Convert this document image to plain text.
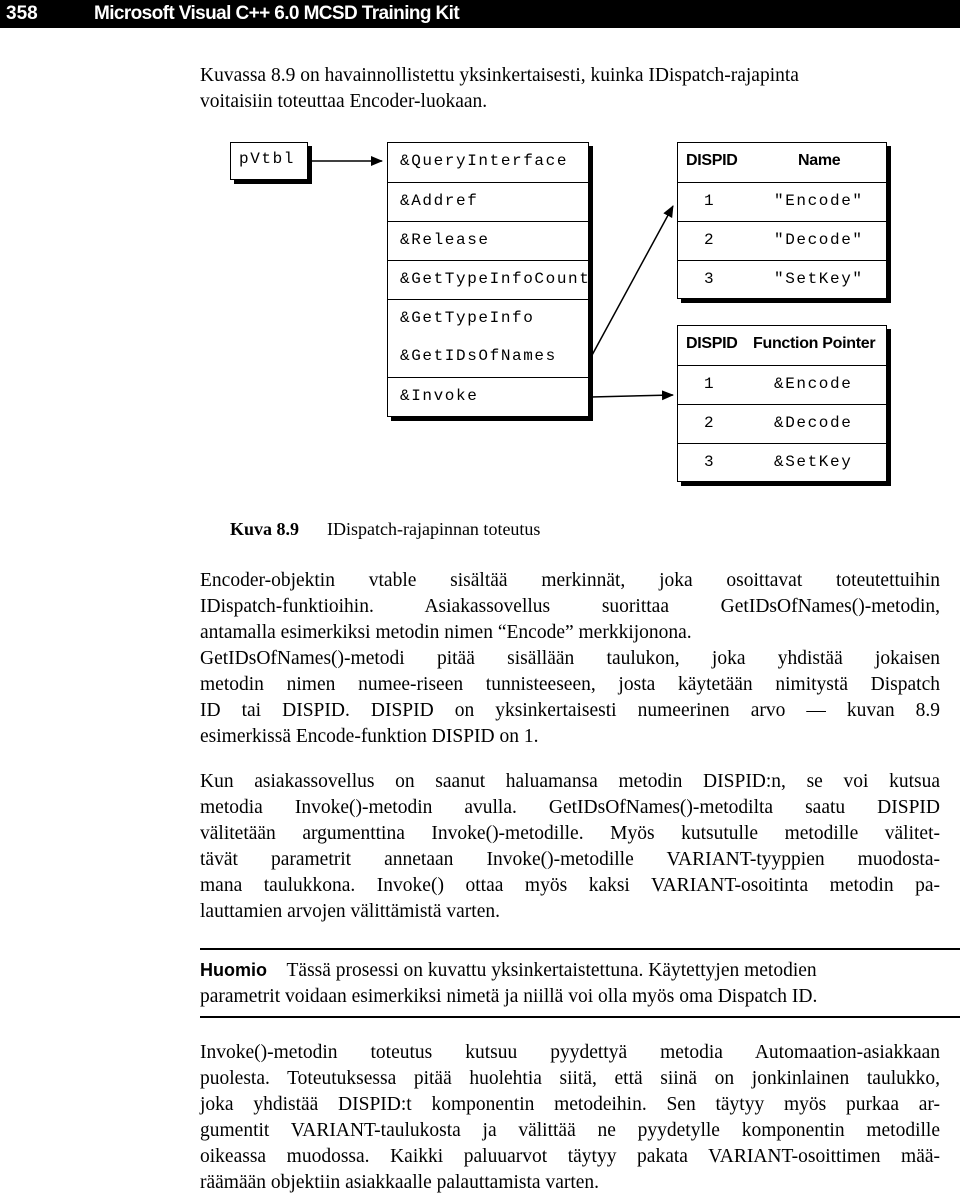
358	Microsoft Visual C++ 6.0 MCSD Training Kit
Kuvassa 8.9 on havainnollistettu yksinkertaisesti, kuinka IDispatch-rajapinta
voitaisiin toteuttaa Encoder-luokaan.
pVtbl	&QueryInterface
&Addref
&Release
&GetTypeInfoCount
&GetTypeInfo
&GetIDsOfNames
&Invoke
DISPID	Name
1	"Encode"
2	"Decode"
3	"SetKey"
DISPID Function Pointer
1	&Encode
2	&Decode
3	&SetKey
Kuva 8.9 IDispatch-rajapinnan toteutus
Encoder-objektin vtable sisältää merkinnät, joka osoittavat toteutettuihin
IDispatch-funktioihin. Asiakassovellus suorittaa GetIDsOfNames()-metodin,
antamalla esimerkiksi metodin nimen “Encode” merkkijonona.
GetIDsOfNames()-metodi pitää sisällään taulukon, joka yhdistää jokaisen
metodin nimen numee-riseen tunnisteeseen, josta käytetään nimitystä Dispatch
ID tai DISPID. DISPID on yksinkertaisesti numeerinen arvo — kuvan 8.9
esimerkissä Encode-funktion DISPID on 1.
Kun asiakassovellus on saanut haluamansa metodin DISPID:n, se voi kutsua
metodia Invoke()-metodin avulla. GetIDsOfNames()-metodilta saatu DISPID
välitetään argumenttina Invoke()-metodille. Myös kutsutulle metodille välitet-
tävät parametrit annetaan Invoke()-metodille VARIANT-tyyppien muodosta-
mana taulukkona. Invoke() ottaa myös kaksi VARIANT-osoitinta metodin pa-
lauttamien arvojen välittämistä varten.
Huomio  Tässä prosessi on kuvattu yksinkertaistettuna. Käytettyjen metodien
parametrit voidaan esimerkiksi nimetä ja niillä voi olla myös oma Dispatch ID.
Invoke()-metodin toteutus kutsuu pyydettyä metodia Automaation-asiakkaan
puolesta. Toteutuksessa pitää huolehtia siitä, että siinä on jonkinlainen taulukko,
joka yhdistää DISPID:t komponentin metodeihin. Sen täytyy myös purkaa ar-
gumentit VARIANT-taulukosta ja välittää ne pyydetylle komponentin metodille
oikeassa muodossa. Kaikki paluuarvot täytyy pakata VARIANT-osoittimen mää-
räämään objektiin asiakkaalle palauttamista varten.
